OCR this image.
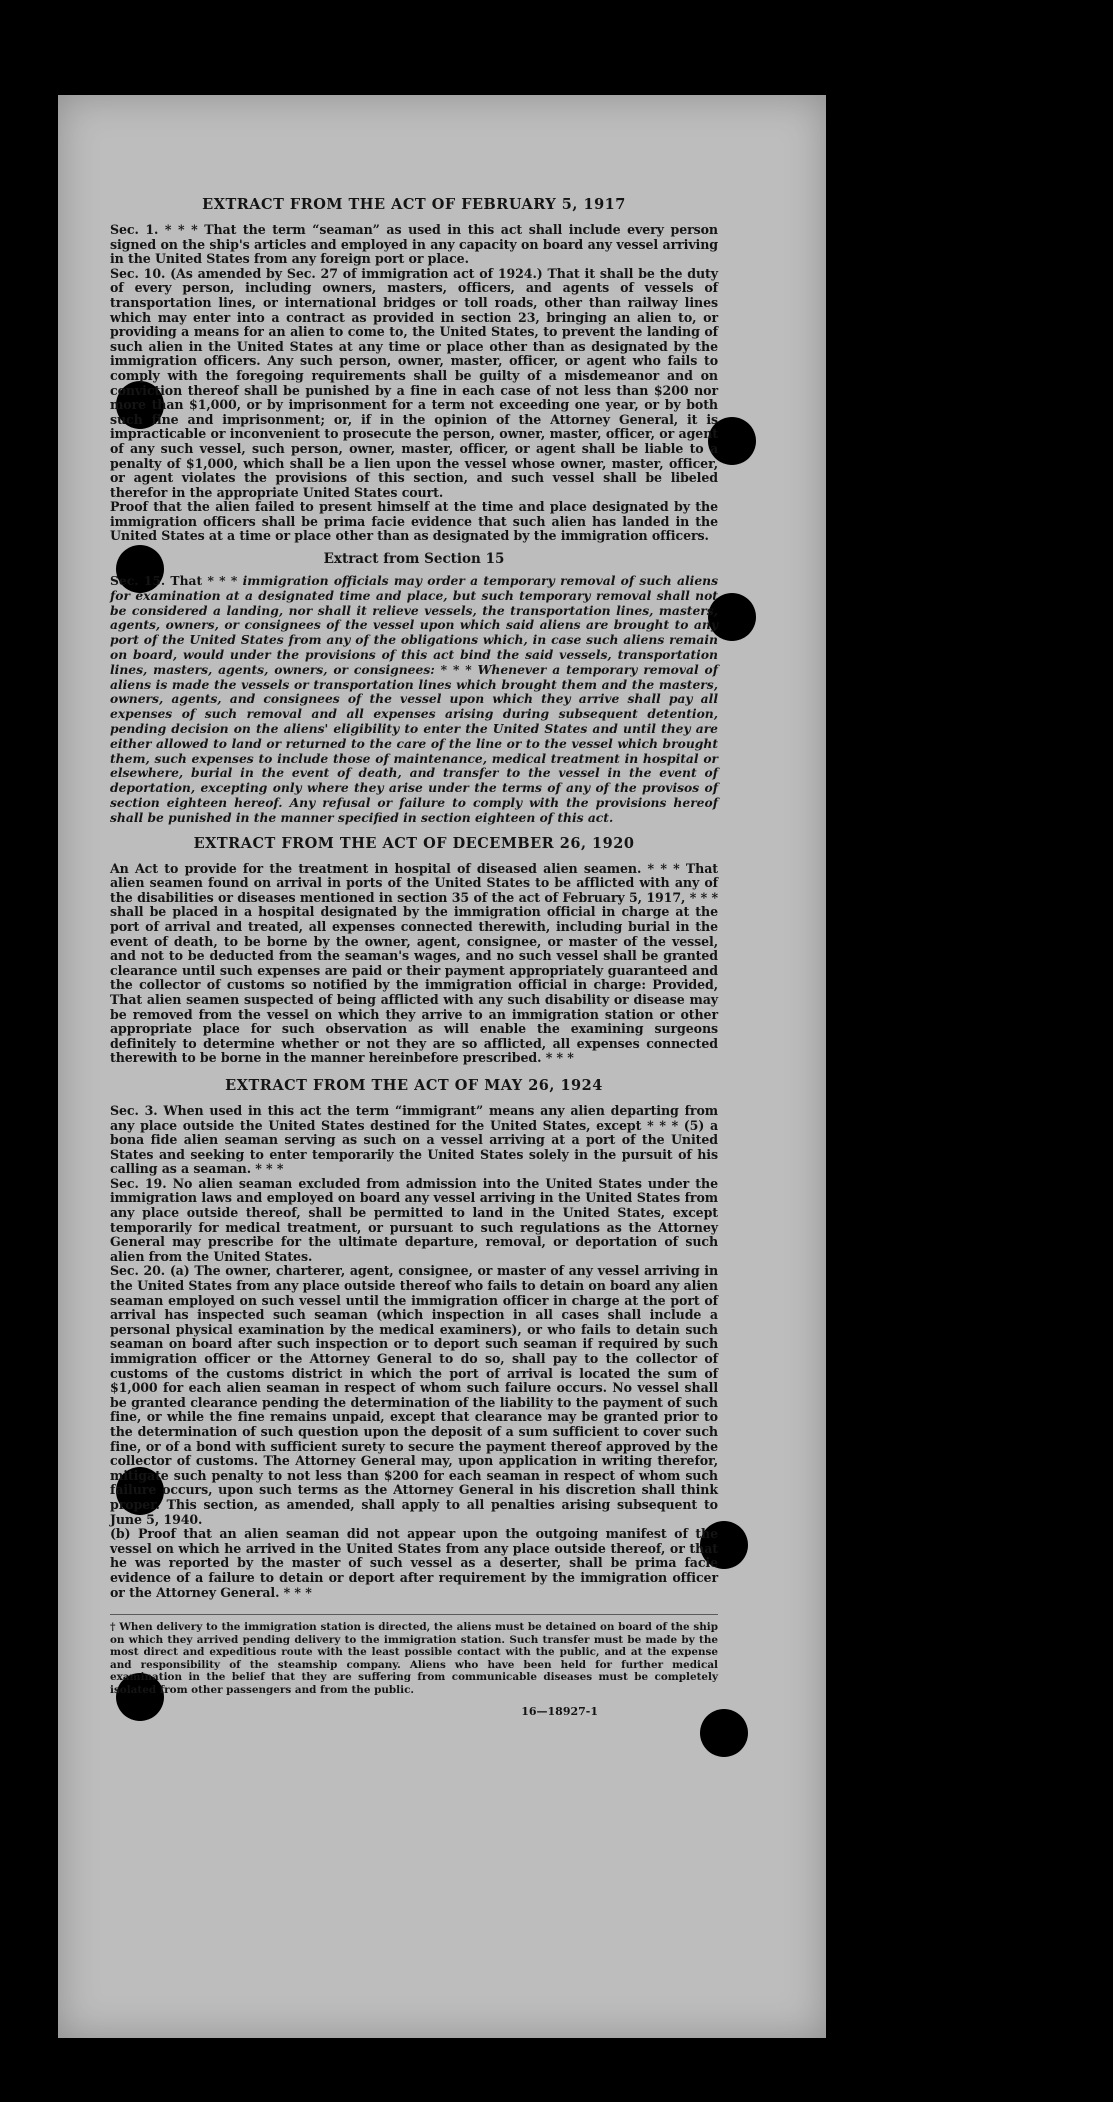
EXTRACT FROM THE ACT OF FEBRUARY 5, 1917

Sec. 1. * * * That the term “seaman” as used in this act shall include every person signed on the ship's articles and employed in any capacity on board any vessel arriving in the United States from any foreign port or place.

Sec. 10. (As amended by Sec. 27 of immigration act of 1924.) That it shall be the duty of every person, including owners, masters, officers, and agents of vessels of transportation lines, or international bridges or toll roads, other than railway lines which may enter into a contract as provided in section 23, bringing an alien to, or providing a means for an alien to come to, the United States, to prevent the landing of such alien in the United States at any time or place other than as designated by the immigration officers. Any such person, owner, master, officer, or agent who fails to comply with the foregoing requirements shall be guilty of a misdemeanor and on conviction thereof shall be punished by a fine in each case of not less than $200 nor more than $1,000, or by imprisonment for a term not exceeding one year, or by both such fine and imprisonment; or, if in the opinion of the Attorney General, it is impracticable or inconvenient to prosecute the person, owner, master, officer, or agent of any such vessel, such person, owner, master, officer, or agent shall be liable to a penalty of $1,000, which shall be a lien upon the vessel whose owner, master, officer, or agent violates the provisions of this section, and such vessel shall be libeled therefor in the appropriate United States court.

Proof that the alien failed to present himself at the time and place designated by the immigration officers shall be prima facie evidence that such alien has landed in the United States at a time or place other than as designated by the immigration officers.

Extract from Section 15

Sec. 15. That * * * immigration officials may order a temporary removal of such aliens for examination at a designated time and place, but such temporary removal shall not be considered a landing, nor shall it relieve vessels, the transportation lines, masters, agents, owners, or consignees of the vessel upon which said aliens are brought to any port of the United States from any of the obligations which, in case such aliens remain on board, would under the provisions of this act bind the said vessels, transportation lines, masters, agents, owners, or consignees: * * * Whenever a temporary removal of aliens is made the vessels or transportation lines which brought them and the masters, owners, agents, and consignees of the vessel upon which they arrive shall pay all expenses of such removal and all expenses arising during subsequent detention, pending decision on the aliens' eligibility to enter the United States and until they are either allowed to land or returned to the care of the line or to the vessel which brought them, such expenses to include those of maintenance, medical treatment in hospital or elsewhere, burial in the event of death, and transfer to the vessel in the event of deportation, excepting only where they arise under the terms of any of the provisos of section eighteen hereof. Any refusal or failure to comply with the provisions hereof shall be punished in the manner specified in section eighteen of this act.

EXTRACT FROM THE ACT OF DECEMBER 26, 1920

An Act to provide for the treatment in hospital of diseased alien seamen. * * * That alien seamen found on arrival in ports of the United States to be afflicted with any of the disabilities or diseases mentioned in section 35 of the act of February 5, 1917, * * * shall be placed in a hospital designated by the immigration official in charge at the port of arrival and treated, all expenses connected therewith, including burial in the event of death, to be borne by the owner, agent, consignee, or master of the vessel, and not to be deducted from the seaman's wages, and no such vessel shall be granted clearance until such expenses are paid or their payment appropriately guaranteed and the collector of customs so notified by the immigration official in charge: Provided, That alien seamen suspected of being afflicted with any such disability or disease may be removed from the vessel on which they arrive to an immigration station or other appropriate place for such observation as will enable the examining surgeons definitely to determine whether or not they are so afflicted, all expenses connected therewith to be borne in the manner hereinbefore prescribed. * * *

EXTRACT FROM THE ACT OF MAY 26, 1924

Sec. 3. When used in this act the term “immigrant” means any alien departing from any place outside the United States destined for the United States, except * * * (5) a bona fide alien seaman serving as such on a vessel arriving at a port of the United States and seeking to enter temporarily the United States solely in the pursuit of his calling as a seaman. * * *

Sec. 19. No alien seaman excluded from admission into the United States under the immigration laws and employed on board any vessel arriving in the United States from any place outside thereof, shall be permitted to land in the United States, except temporarily for medical treatment, or pursuant to such regulations as the Attorney General may prescribe for the ultimate departure, removal, or deportation of such alien from the United States.

Sec. 20. (a) The owner, charterer, agent, consignee, or master of any vessel arriving in the United States from any place outside thereof who fails to detain on board any alien seaman employed on such vessel until the immigration officer in charge at the port of arrival has inspected such seaman (which inspection in all cases shall include a personal physical examination by the medical examiners), or who fails to detain such seaman on board after such inspection or to deport such seaman if required by such immigration officer or the Attorney General to do so, shall pay to the collector of customs of the customs district in which the port of arrival is located the sum of $1,000 for each alien seaman in respect of whom such failure occurs. No vessel shall be granted clearance pending the determination of the liability to the payment of such fine, or while the fine remains unpaid, except that clearance may be granted prior to the determination of such question upon the deposit of a sum sufficient to cover such fine, or of a bond with sufficient surety to secure the payment thereof approved by the collector of customs. The Attorney General may, upon application in writing therefor, mitigate such penalty to not less than $200 for each seaman in respect of whom such failure occurs, upon such terms as the Attorney General in his discretion shall think proper. This section, as amended, shall apply to all penalties arising subsequent to June 5, 1940.

(b) Proof that an alien seaman did not appear upon the outgoing manifest of the vessel on which he arrived in the United States from any place outside thereof, or that he was reported by the master of such vessel as a deserter, shall be prima facie evidence of a failure to detain or deport after requirement by the immigration officer or the Attorney General. * * *

† When delivery to the immigration station is directed, the aliens must be detained on board of the ship on which they arrived pending delivery to the immigration station. Such transfer must be made by the most direct and expeditious route with the least possible contact with the public, and at the expense and responsibility of the steamship company. Aliens who have been held for further medical examination in the belief that they are suffering from communicable diseases must be completely isolated from other passengers and from the public.
16—18927-1
